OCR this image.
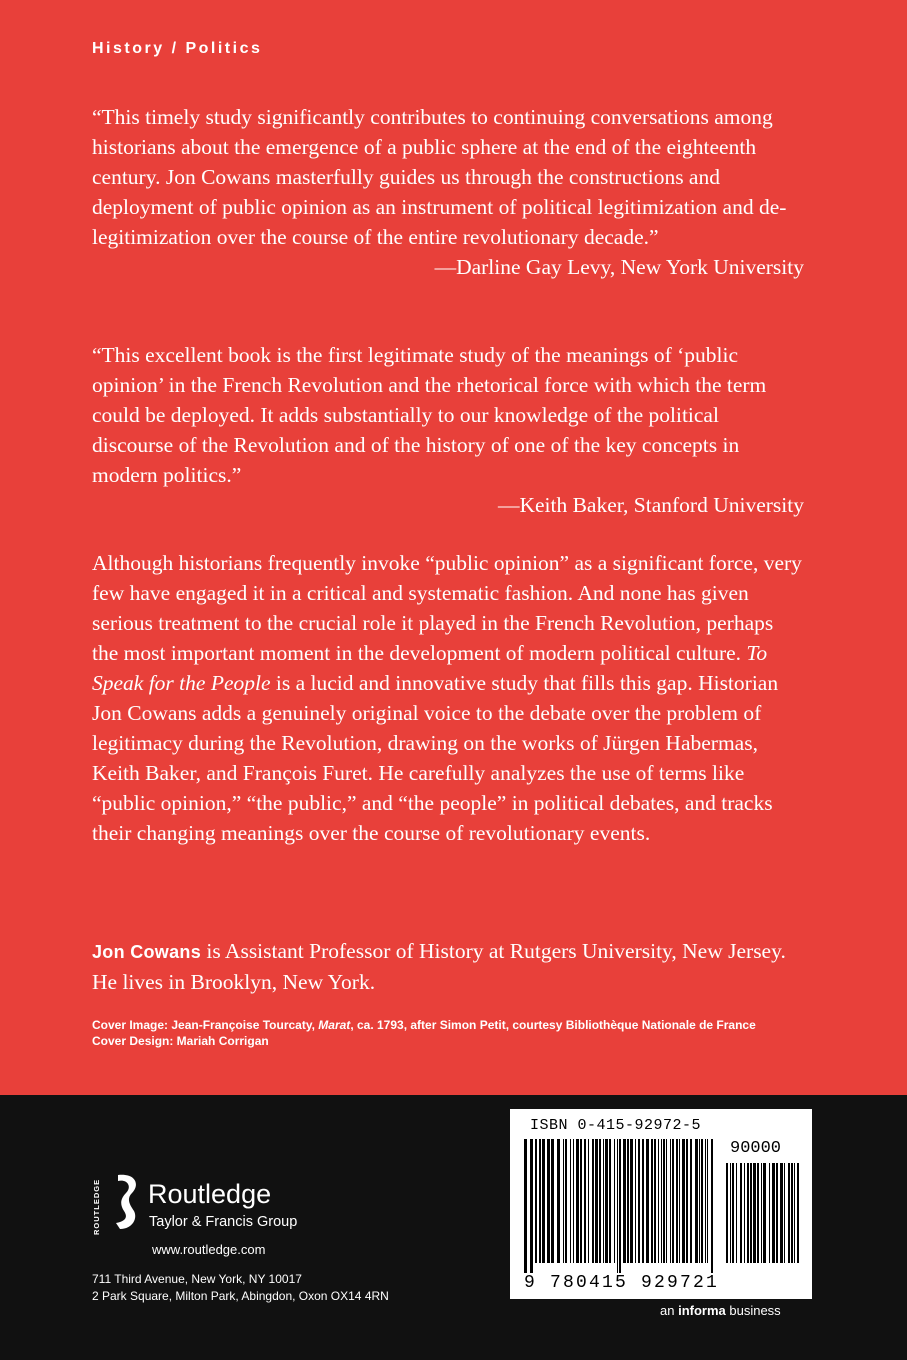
History / Politics

“This timely study significantly contributes to continuing conversations among historians about the emergence of a public sphere at the end of the eighteenth century. Jon Cowans masterfully guides us through the constructions and deployment of public opinion as an instrument of political legitimization and de-legitimization over the course of the entire revolutionary decade.”

—Darline Gay Levy, New York University

“This excellent book is the first legitimate study of the meanings of ‘public opinion’ in the French Revolution and the rhetorical force with which the term could be deployed. It adds substantially to our knowledge of the political discourse of the Revolution and of the history of one of the key concepts in modern politics.”

—Keith Baker, Stanford University

Although historians frequently invoke “public opinion” as a significant force, very few have engaged it in a critical and systematic fashion. And none has given serious treatment to the crucial role it played in the French Revolution, perhaps the most important moment in the development of modern political culture. To Speak for the People is a lucid and innovative study that fills this gap. Historian Jon Cowans adds a genuinely original voice to the debate over the problem of legitimacy during the Revolution, drawing on the works of Jürgen Habermas, Keith Baker, and François Furet. He carefully analyzes the use of terms like “public opinion,” “the public,” and “the people” in political debates, and tracks their changing meanings over the course of revolutionary events.

Jon Cowans is Assistant Professor of History at Rutgers University, New Jersey. He lives in Brooklyn, New York.

Cover Image: Jean-Françoise Tourcaty, Marat, ca. 1793, after Simon Petit, courtesy Bibliothèque Nationale de France
Cover Design: Mariah Corrigan
ROUTLEDGE Routledge
Taylor & Francis Group
www.routledge.com
711 Third Avenue, New York, NY 10017
2 Park Square, Milton Park, Abingdon, Oxon OX14 4RN
ISBN 0-415-92972-5
90000
9 780415 929721
an informa business
